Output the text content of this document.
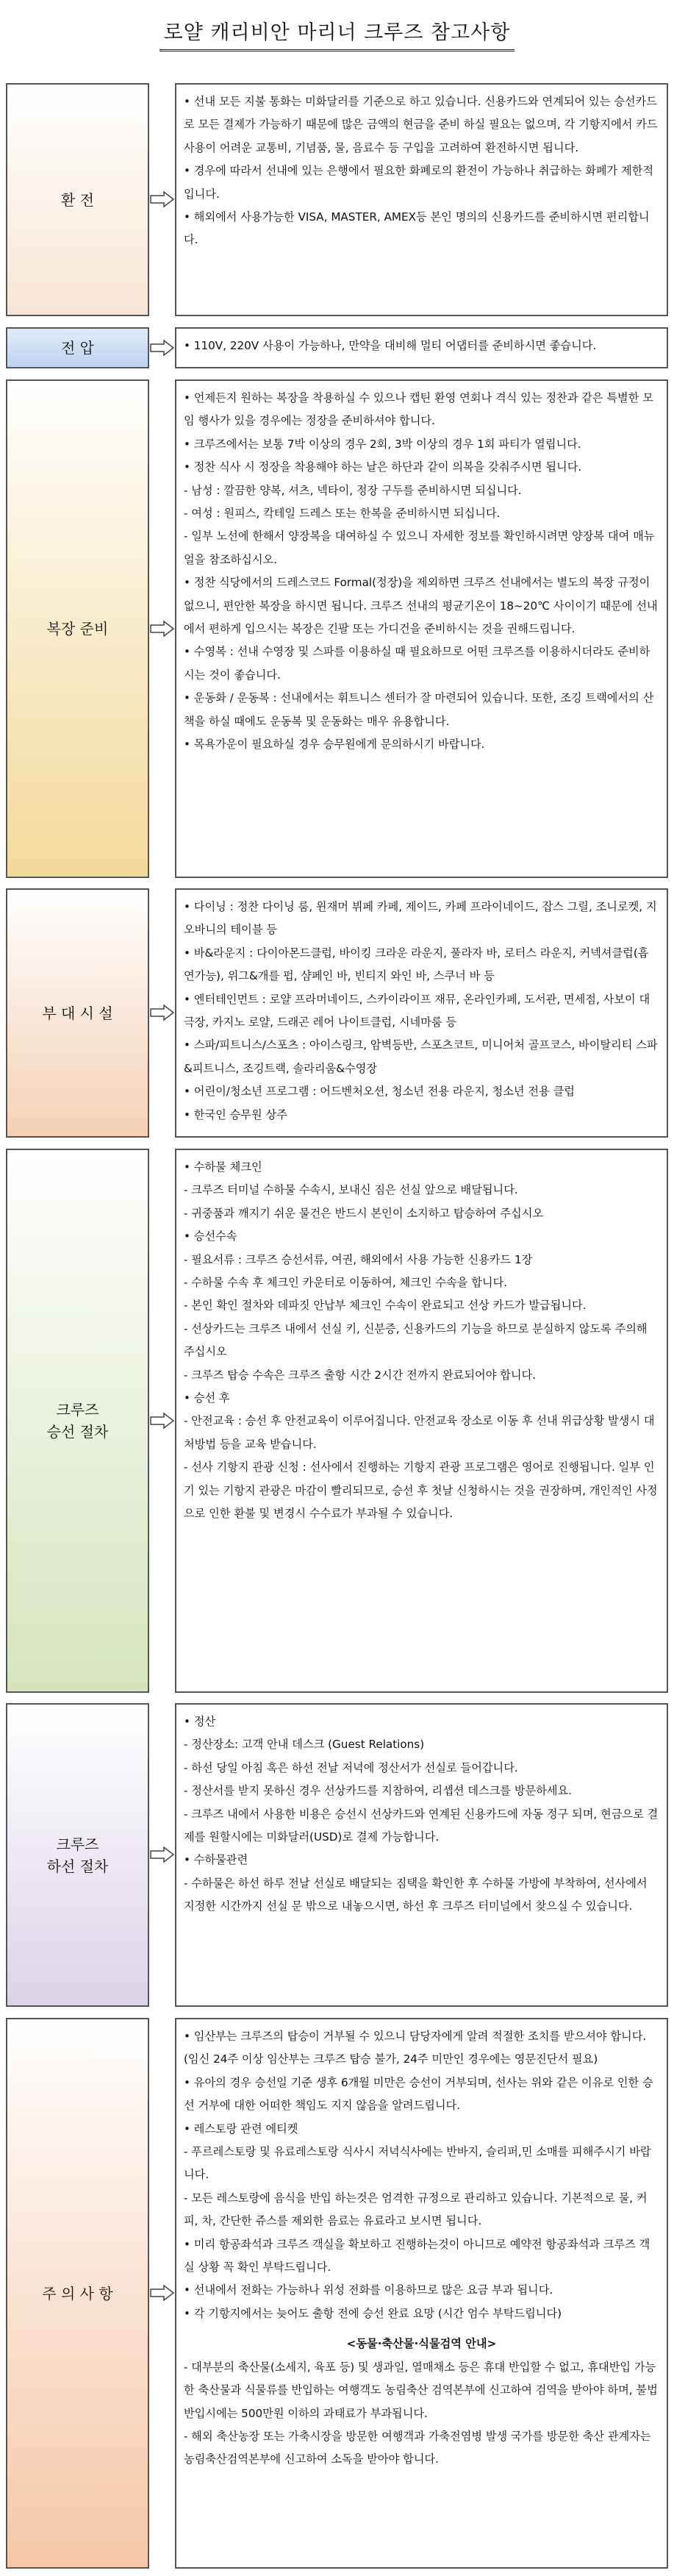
로얄 캐리비안 마리너 크루즈 참고사항
환 전
• 선내 모든 지불 통화는 미화달러를 기준으로 하고 있습니다. 신용카드와 연계되어 있는 승선카드로 모든 결제가 가능하기 때문에 많은 금액의 현금을 준비 하실 필요는 없으며, 각 기항지에서 카드 사용이 어려운 교통비, 기념품, 물, 음료수 등 구입을 고려하여 환전하시면 됩니다.
• 경우에 따라서 선내에 있는 은행에서 필요한 화폐로의 환전이 가능하나 취급하는 화폐가 제한적입니다.
• 해외에서 사용가능한 VISA, MASTER, AMEX등 본인 명의의 신용카드를 준비하시면 편리합니다.
전 압	• 110V, 220V 사용이 가능하나, 만약을 대비해 멀티 어댑터를 준비하시면 좋습니다.
복장 준비
• 언제든지 원하는 복장을 착용하실 수 있으나 캡틴 환영 연회나 격식 있는 정찬과 같은 특별한 모임 행사가 있을 경우에는 정장을 준비하셔야 합니다.
• 크루즈에서는 보통 7박 이상의 경우 2회, 3박 이상의 경우 1회 파티가 열립니다.
• 정찬 식사 시 정장을 착용해야 하는 날은 하단과 같이 의복을 갖춰주시면 됩니다.
- 남성 : 깔끔한 양복, 셔츠, 넥타이, 정장 구두를 준비하시면 되십니다.
- 여성 : 원피스, 칵테일 드레스 또는 한복을 준비하시면 되십니다.
- 일부 노선에 한해서 양장복을 대여하실 수 있으니 자세한 정보를 확인하시려면 양장복 대여 매뉴얼을 참조하십시오.
• 정찬 식당에서의 드레스코드 Formal(정장)을 제외하면 크루즈 선내에서는 별도의 복장 규정이 없으니, 편안한 복장을 하시면 됩니다. 크루즈 선내의 평균기온이 18~20℃ 사이이기 때문에 선내에서 편하게 입으시는 복장은 긴팔 또는 가디건을 준비하시는 것을 권해드립니다.
• 수영복 : 선내 수영장 및 스파를 이용하실 때 필요하므로 어떤 크루즈를 이용하시더라도 준비하시는 것이 좋습니다.
• 운동화 / 운동복 : 선내에서는 휘트니스 센터가 잘 마련되어 있습니다. 또한, 조깅 트랙에서의 산책을 하실 때에도 운동복 및 운동화는 매우 유용합니다.
• 목욕가운이 필요하실 경우 승무원에게 문의하시기 바랍니다.
부 대 시 설
• 다이닝 : 정찬 다이닝 룸, 윈재머 뷔페 카페, 제이드, 카페 프라이네이드, 잡스 그릴, 조니로켓, 지오바니의 테이블 등
• 바&라운지 : 다이아몬드클럽, 바이킹 크라운 라운지, 풀라자 바, 로터스 라운지, 커넥셔클럽(흡연가능), 위그&개를 펍, 샴페인 바, 빈티지 와인 바, 스쿠너 바 등
• 엔터테인먼트 : 로얄 프라머네이드, 스카이라이프 재뮤, 온라인카페, 도서관, 면세점, 사보이 대극장, 카지노 로얄, 드래곤 레어 나이트클럽, 시네마룸 등
• 스파/피트니스/스포츠 : 아이스링크, 암벽등반, 스포츠코트, 미니어처 골프코스, 바이탈리티 스파&피트니스, 조깅트랙, 솔라리움&수영장
• 어린이/청소년 프로그램 : 어드벤처오션, 청소년 전용 라운지, 청소년 전용 클럽
• 한국인 승무원 상주
크루즈
승선 절차
• 수하물 체크인
- 크루즈 터미널 수하물 수속시, 보내신 짐은 선실 앞으로 배달됩니다.
- 귀중품과 깨지기 쉬운 물건은 반드시 본인이 소지하고 탑승하여 주십시오
• 승선수속
- 필요서류 : 크루즈 승선서류, 여권, 해외에서 사용 가능한 신용카드 1장
- 수하물 수속 후 체크인 카운터로 이동하여, 체크인 수속을 합니다.
- 본인 확인 절차와 데파짓 안납부 체크인 수속이 완료되고 선상 카드가 발급됩니다.
- 선상카드는 크루즈 내에서 선실 키, 신분증, 신용카드의 기능을 하므로 분실하지 않도록 주의해 주십시오
- 크루즈 탑승 수속은 크루즈 출항 시간 2시간 전까지 완료되어야 합니다.
• 승선 후
- 안전교육 : 승선 후 안전교육이 이루어집니다. 안전교육 장소로 이동 후 선내 위급상황 발생시 대처방법 등을 교육 받습니다.
- 선사 기항지 관광 신청 : 선사에서 진행하는 기항지 관광 프로그램은 영어로 진행됩니다. 일부 인기 있는 기항지 관광은 마감이 빨리되므로, 승선 후 첫날 신청하시는 것을 권장하며, 개인적인 사정으로 인한 환불 및 변경시 수수료가 부과될 수 있습니다.
크루즈
하선 절차
• 정산
- 정산장소: 고객 안내 데스크 (Guest Relations)
- 하선 당일 아침 혹은 하선 전날 저녁에 정산서가 선실로 들어갑니다.
- 정산서를 받지 못하신 경우 선상카드를 지참하여, 리셉션 데스크를 방문하세요.
- 크루즈 내에서 사용한 비용은 승선시 선상카드와 연계된 신용카드에 자동 정구 되며, 현금으로 결제를 원할시에는 미화달러(USD)로 결제 가능합니다.
• 수하물관련
- 수하물은 하선 하루 전날 선실로 배달되는 짐택을 확인한 후 수하물 가방에 부착하여, 선사에서 지정한 시간까지 선실 문 밖으로 내놓으시면, 하선 후 크루즈 터미널에서 찾으실 수 있습니다.
주 의 사 항
• 임산부는 크루즈의 탑승이 거부될 수 있으니 담당자에게 알려 적절한 조치를 받으셔야 합니다. (임신 24주 이상 임산부는 크루즈 탑승 불가, 24주 미만인 경우에는 영문진단서 필요)
• 유아의 경우 승선일 기준 생후 6개월 미만은 승선이 거부되며, 선사는 위와 같은 이유로 인한 승선 거부에 대한 어떠한 책임도 지지 않음을 알려드립니다.
• 레스토랑 관련 에티켓
- 푸르레스토랑 및 유료레스토랑 식사시 저녁식사에는 반바지, 슬리퍼,민 소매를 피해주시기 바랍니다.
- 모든 레스토랑에 음식을 반입 하는것은 엄격한 규정으로 관리하고 있습니다. 기본적으로 물, 커피, 차, 간단한 쥬스를 제외한 음료는 유료라고 보시면 됩니다.
• 미리 항공좌석과 크루즈 객실을 확보하고 진행하는것이 아니므로 예약전 항공좌석과 크루즈 객실 상황 꼭 확인 부탁드립니다.
• 선내에서 전화는 가능하나 위성 전화를 이용하므로 많은 요금 부과 됩니다.
• 각 기항지에서는 늦어도 출항 전에 승선 완료 요망 (시간 엄수 부탁드립니다)
<동물·축산물·식물검역 안내>
- 대부분의 축산물(소세지, 육포 등) 및 생과일, 열매채소 등은 휴대 반입할 수 없고, 휴대반입 가능한 축산물과 식물류를 반입하는 여행객도 농림축산 검역본부에 신고하여 검역을 받아야 하며, 불법 반입시에는 500만원 이하의 과태료가 부과됩니다.
- 해외 축산농장 또는 가축시장을 방문한 여행객과 가축전염병 발생 국가를 방문한 축산 관계자는 농림축산검역본부에 신고하여 소독을 받아야 합니다.
